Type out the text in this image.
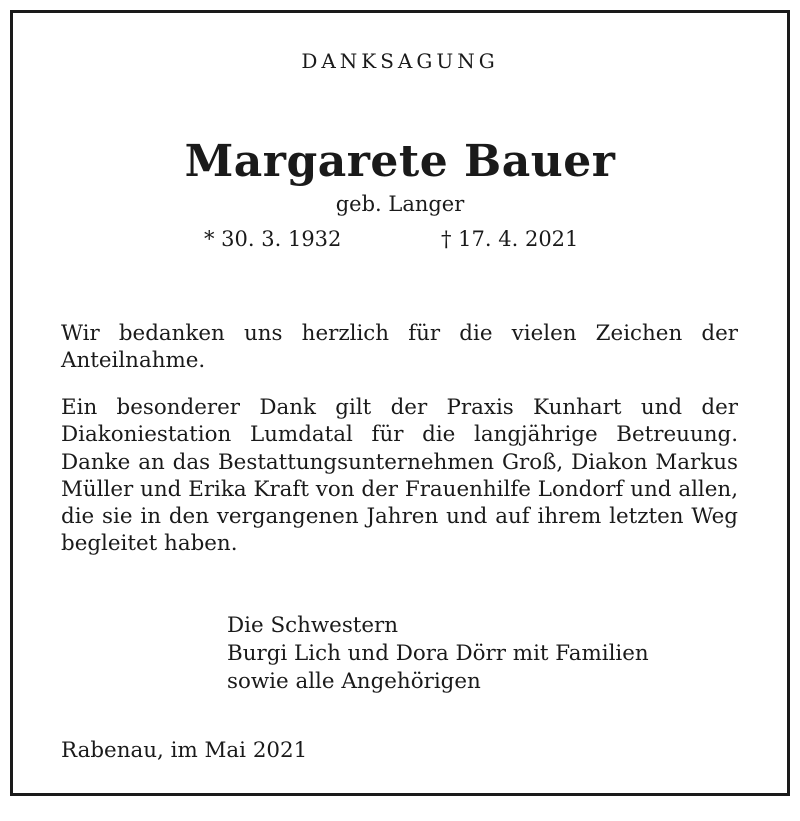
DANKSAGUNG
Margarete Bauer
geb. Langer
* 30. 3. 1932	† 17. 4. 2021
Wir bedanken uns herzlich für die vielen Zeichen der Anteilnahme.
Ein besonderer Dank gilt der Praxis Kunhart und der Diakoniestation Lumdatal für die langjährige Betreuung. Danke an das Bestattungsunternehmen Groß, Diakon Markus Müller und Erika Kraft von der Frauenhilfe Londorf und allen, die sie in den vergangenen Jahren und auf ihrem letzten Weg begleitet haben.
Die Schwestern
Burgi Lich und Dora Dörr mit Familien
sowie alle Angehörigen
Rabenau, im Mai 2021
